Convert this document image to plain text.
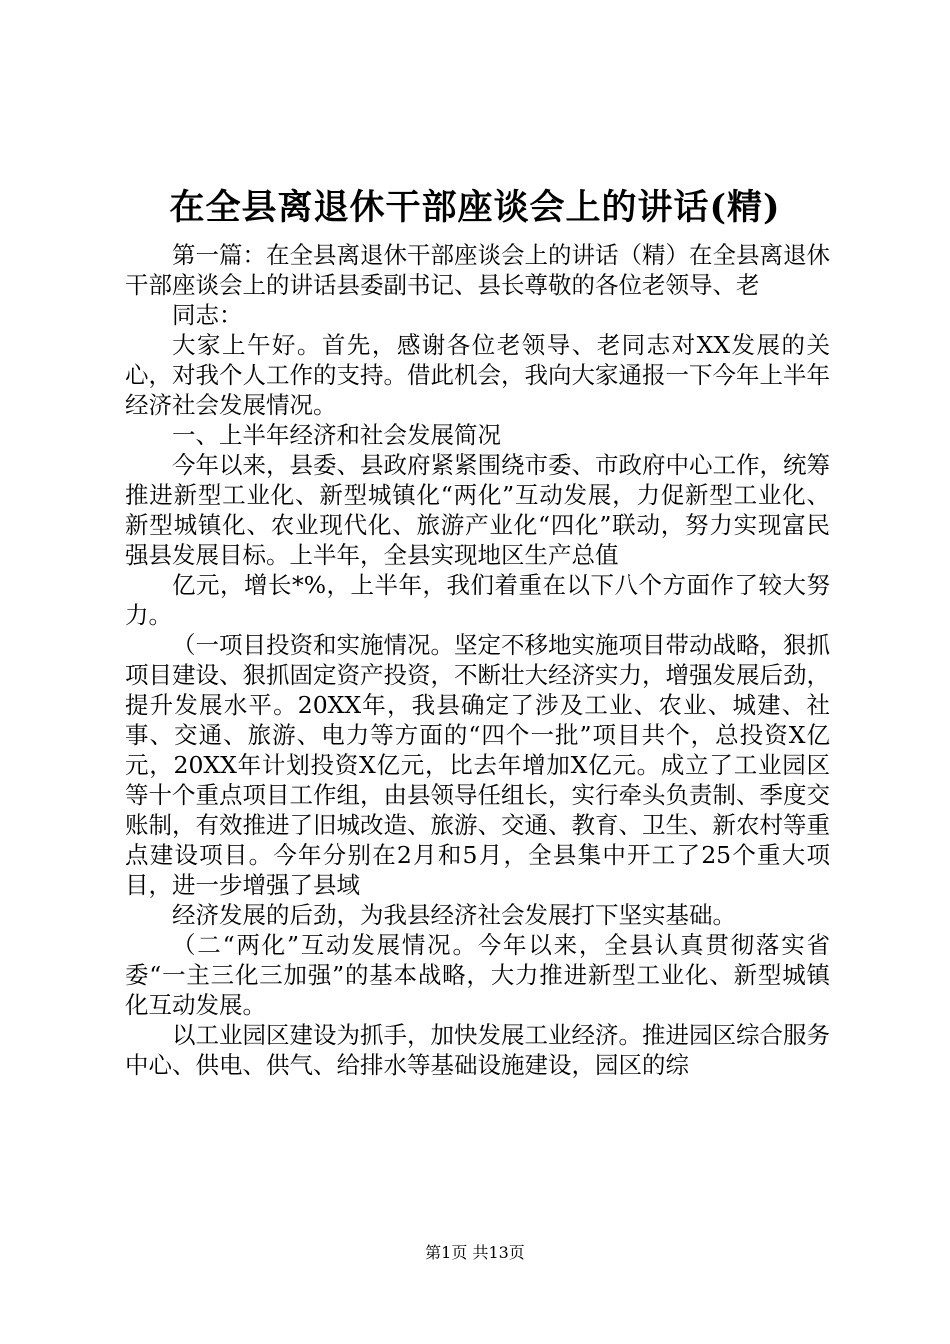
在全县离退休干部座谈会上的讲话(精)

第一篇：在全县离退休干部座谈会上的讲话（精）在全县离退休干部座谈会上的讲话县委副书记、县长尊敬的各位老领导、老

同志：

大家上午好。首先，感谢各位老领导、老同志对XX发展的关心，对我个人工作的支持。借此机会，我向大家通报一下今年上半年经济社会发展情况。

一、上半年经济和社会发展简况

今年以来，县委、县政府紧紧围绕市委、市政府中心工作，统筹推进新型工业化、新型城镇化“两化”互动发展，力促新型工业化、新型城镇化、农业现代化、旅游产业化“四化”联动，努力实现富民强县发展目标。上半年，全县实现地区生产总值

亿元，增长*%，上半年，我们着重在以下八个方面作了较大努力。

（一项目投资和实施情况。坚定不移地实施项目带动战略，狠抓项目建设、狠抓固定资产投资，不断壮大经济实力，增强发展后劲，提升发展水平。20XX年，我县确定了涉及工业、农业、城建、社事、交通、旅游、电力等方面的“四个一批”项目共个，总投资X亿元，20XX年计划投资X亿元，比去年增加X亿元。成立了工业园区等十个重点项目工作组，由县领导任组长，实行牵头负责制、季度交账制，有效推进了旧城改造、旅游、交通、教育、卫生、新农村等重点建设项目。今年分别在2月和5月，全县集中开工了25个重大项目，进一步增强了县域

经济发展的后劲，为我县经济社会发展打下坚实基础。

（二“两化”互动发展情况。今年以来，全县认真贯彻落实省委“一主三化三加强”的基本战略，大力推进新型工业化、新型城镇化互动发展。

以工业园区建设为抓手，加快发展工业经济。推进园区综合服务中心、供电、供气、给排水等基础设施建设，园区的综

第1页 共13页
